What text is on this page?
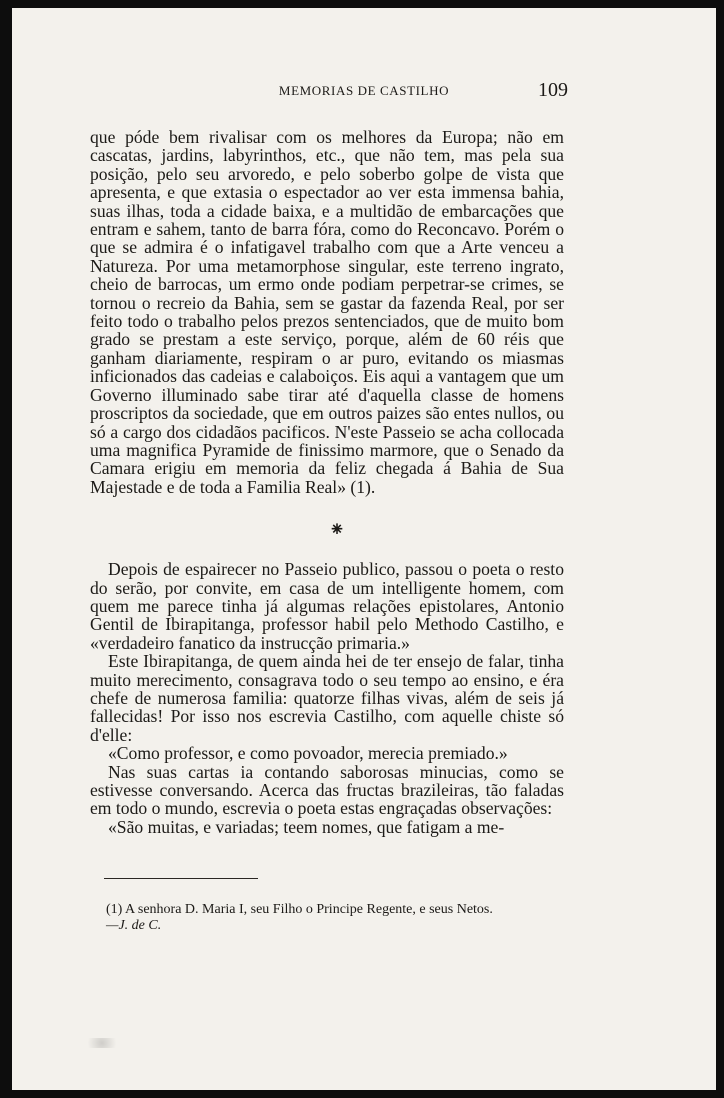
MEMORIAS DE CASTILHO	109

que póde bem rivalisar com os melhores da Europa; não em cascatas, jardins, labyrinthos, etc., que não tem, mas pela sua posição, pelo seu arvoredo, e pelo soberbo golpe de vista que apresenta, e que extasia o espectador ao ver esta immensa bahia, suas ilhas, toda a cidade baixa, e a multidão de embarcações que entram e sahem, tanto de barra fóra, como do Reconcavo. Porém o que se admira é o infatigavel trabalho com que a Arte venceu a Natureza. Por uma metamorphose singular, este terreno ingrato, cheio de barrocas, um ermo onde podiam perpetrar-se crimes, se tornou o recreio da Bahia, sem se gastar da fazenda Real, por ser feito todo o trabalho pelos prezos sentenciados, que de muito bom grado se prestam a este serviço, porque, além de 60 réis que ganham diariamente, respiram o ar puro, evitando os miasmas inficionados das cadeias e calaboiços. Eis aqui a vantagem que um Governo illuminado sabe tirar até d'aquella classe de homens proscriptos da sociedade, que em outros paizes são entes nullos, ou só a cargo dos cidadãos pacificos. N'este Passeio se acha collocada uma magnifica Pyramide de finissimo marmore, que o Senado da Camara erigiu em memoria da feliz chegada á Bahia de Sua Majestade e de toda a Familia Real» (1).

⁕

Depois de espairecer no Passeio publico, passou o poeta o resto do serão, por convite, em casa de um intelligente homem, com quem me parece tinha já algumas relações epistolares, Antonio Gentil de Ibirapitanga, professor habil pelo Methodo Castilho, e «verdadeiro fanatico da instrucção primaria.»

Este Ibirapitanga, de quem ainda hei de ter ensejo de falar, tinha muito merecimento, consagrava todo o seu tempo ao ensino, e éra chefe de numerosa familia: quatorze filhas vivas, além de seis já fallecidas! Por isso nos escrevia Castilho, com aquelle chiste só d'elle:

«Como professor, e como povoador, merecia premiado.»

Nas suas cartas ia contando saborosas minucias, como se estivesse conversando. Acerca das fructas brazileiras, tão faladas em todo o mundo, escrevia o poeta estas engraçadas observações:

«São muitas, e variadas; teem nomes, que fatigam a me-

(1) A senhora D. Maria I, seu Filho o Principe Regente, e seus Netos.

—J. de C.
